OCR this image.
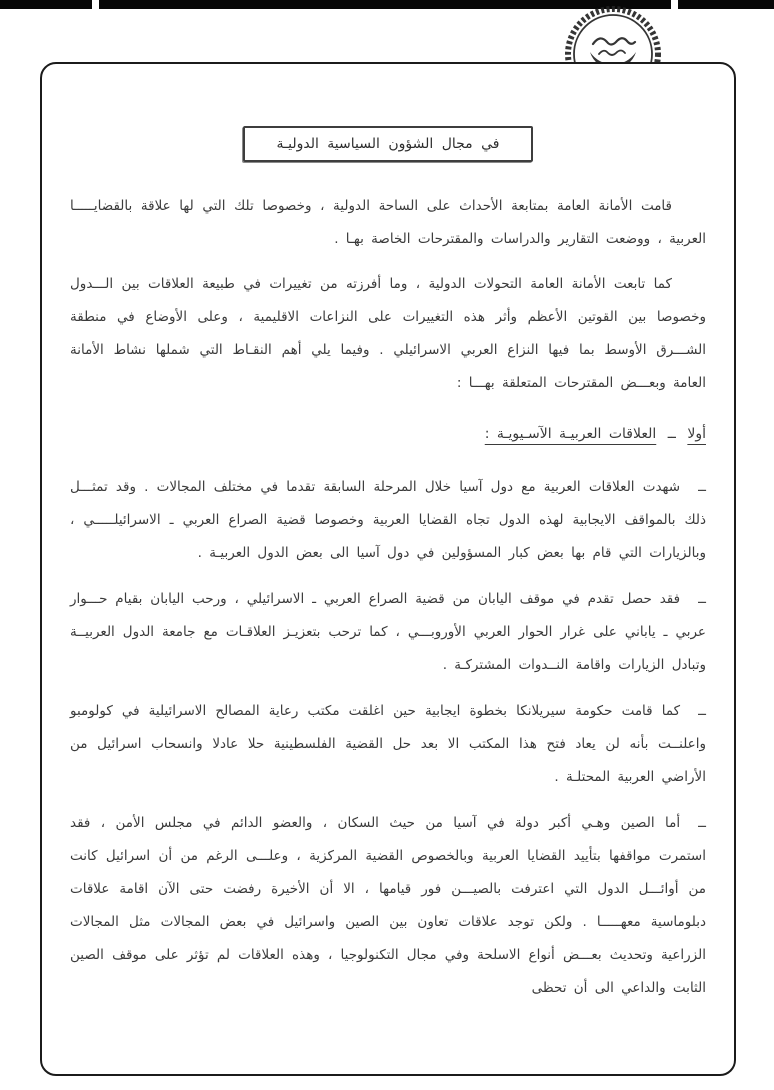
في مجال الشؤون السياسية الدوليـة

قامت الأمانة العامة بمتابعة الأحداث على الساحة الدولية ، وخصوصا تلك التي لها علاقة بالقضايـــــا العربية ، ووضعت التقارير والدراسات والمقترحات الخاصة بهـا .

كما تابعت الأمانة العامة التحولات الدولية ، وما أفرزته من تغييرات في طبيعة العلاقات بين الـــدول وخصوصا بين القوتين الأعظم وأثر هذه التغييرات على النزاعات الاقليمية ، وعلى الأوضاع في منطقة الشـــرق الأوسط بما فيها النزاع العربي الاسرائيلي . وفيما يلي أهم النقـاط التي شملها نشاط الأمانة العامة وبعـــض المقترحات المتعلقة بهـــا :

أولا ــ العلاقات العربيـة الآسـيويـة :

ــشهدت العلاقات العربية مع دول آسيا خلال المرحلة السابقة تقدما في مختلف المجالات . وقد تمثـــل ذلك بالمواقف الايجابية لهذه الدول تجاه القضايا العربية وخصوصا قضية الصراع العربي ـ الاسرائيلـــــي ، وبالزيارات التي قام بها بعض كبار المسؤولين في دول آسيا الى بعض الدول العربيـة .

ــفقد حصل تقدم في موقف اليابان من قضية الصراع العربي ـ الاسرائيلي ، ورحب اليابان بقيام حـــوار عربي ـ ياباني على غرار الحوار العربي الأوروبـــي ، كما ترحب بتعزيـز العلاقـات مع جامعة الدول العربيــة وتبادل الزيارات واقامة النــدوات المشتركـة .

ــكما قامت حكومة سيريلانكا بخطوة ايجابية حين اغلقت مكتب رعاية المصالح الاسرائيلية في كولومبو واعلنــت بأنه لن يعاد فتح هذا المكتب الا بعد حل القضية الفلسطينية حلا عادلا وانسحاب اسرائيل من الأراضي العربية المحتلـة .

ــأما الصين وهـي أكبر دولة في آسيا من حيث السكان ، والعضو الدائم في مجلس الأمن ، فقد استمرت مواقفها بتأييد القضايا العربية وبالخصوص القضية المركزية ، وعلـــى الرغم من أن اسرائيل كانت من أوائـــل الدول التي اعترفت بالصيـــن فور قيامها ، الا أن الأخيرة رفضت حتى الآن اقامة علاقات دبلوماسية معهـــــا . ولكن توجد علاقات تعاون بين الصين واسرائيل في بعض المجالات مثل المجالات الزراعية وتحديث بعـــض أنواع الاسلحة وفي مجال التكنولوجيا ، وهذه العلاقات لم تؤثر على موقف الصين الثابت والداعي الى أن تحظى
